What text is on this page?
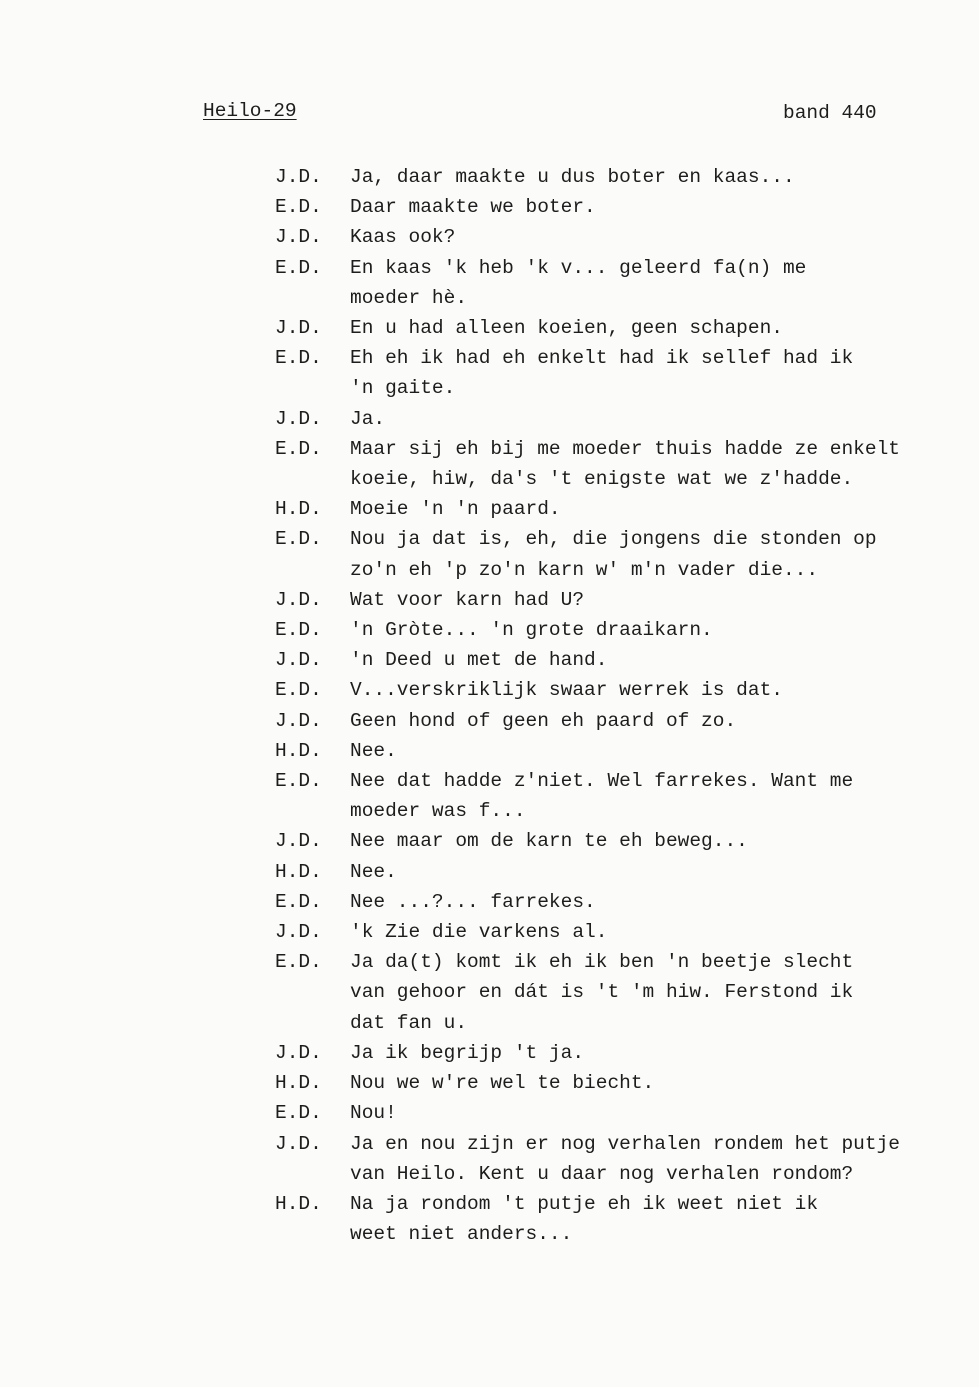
Heilo-29	band 440
J.D.	Ja, daar maakte u dus boter en kaas...
E.D.	Daar maakte we boter.
J.D.	Kaas ook?
E.D.	En kaas 'k heb 'k v... geleerd fa(n) me
moeder hè.
J.D.	En u had alleen koeien, geen schapen.
E.D.	Eh eh ik had eh enkelt had ik sellef had ik
'n gaite.
J.D.	Ja.
E.D.	Maar sij eh bij me moeder thuis hadde ze enkelt
koeie, hiw, da's 't enigste wat we z'hadde.
H.D.	Moeie 'n 'n paard.
E.D.	Nou ja dat is, eh, die jongens die stonden op
zo'n eh 'p zo'n karn w' m'n vader die...
J.D.	Wat voor karn had U?
E.D.	'n Gròte... 'n grote draaikarn.
J.D.	'n Deed u met de hand.
E.D.	V...verskriklijk swaar werrek is dat.
J.D.	Geen hond of geen eh paard of zo.
H.D.	Nee.
E.D.	Nee dat hadde z'niet. Wel farrekes. Want me
moeder was f...
J.D.	Nee maar om de karn te eh beweg...
H.D.	Nee.
E.D.	Nee ...?... farrekes.
J.D.	'k Zie die varkens al.
E.D.	Ja da(t) komt ik eh ik ben 'n beetje slecht
van gehoor en dát is 't 'm hiw. Ferstond ik
dat fan u.
J.D.	Ja ik begrijp 't ja.
H.D.	Nou we w're wel te biecht.
E.D.	Nou!
J.D.	Ja en nou zijn er nog verhalen rondem het putje
van Heilo. Kent u daar nog verhalen rondom?
H.D.	Na ja rondom 't putje eh ik weet niet ik
weet niet anders...
